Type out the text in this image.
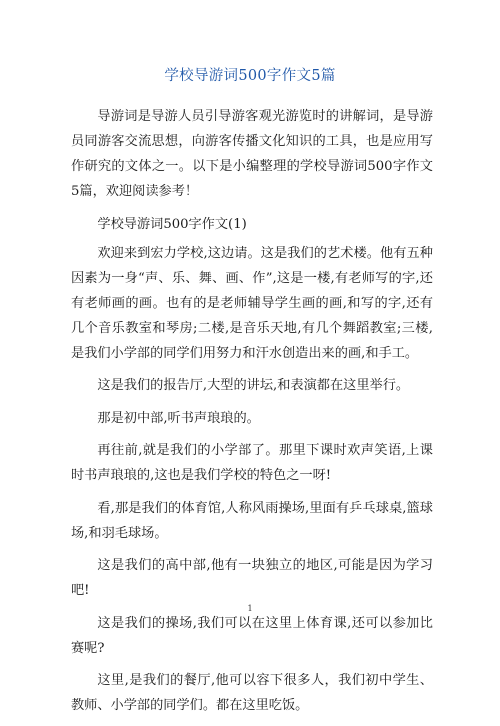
学校导游词500字作文5篇

导游词是导游人员引导游客观光游览时的讲解词，是导游员同游客交流思想，向游客传播文化知识的工具，也是应用写作研究的文体之一。以下是小编整理的学校导游词500字作文5篇，欢迎阅读参考！

学校导游词500字作文(1)

欢迎来到宏力学校,这边请。这是我们的艺术楼。他有五种因素为一身“声、乐、舞、画、作”,这是一楼,有老师写的字,还有老师画的画。也有的是老师辅导学生画的画,和写的字,还有几个音乐教室和琴房;二楼,是音乐天地,有几个舞蹈教室;三楼,是我们小学部的同学们用努力和汗水创造出来的画,和手工。

这是我们的报告厅,大型的讲坛,和表演都在这里举行。

那是初中部,听书声琅琅的。

再往前,就是我们的小学部了。那里下课时欢声笑语,上课时书声琅琅的,这也是我们学校的特色之一呀!

看,那是我们的体育馆,人称风雨操场,里面有乒乓球桌,篮球场,和羽毛球场。

这是我们的高中部,他有一块独立的地区,可能是因为学习吧!

这是我们的操场,我们可以在这里上体育课,还可以参加比赛呢?

这里,是我们的餐厅,他可以容下很多人，我们初中学生、教师、小学部的同学们。都在这里吃饭。

1
